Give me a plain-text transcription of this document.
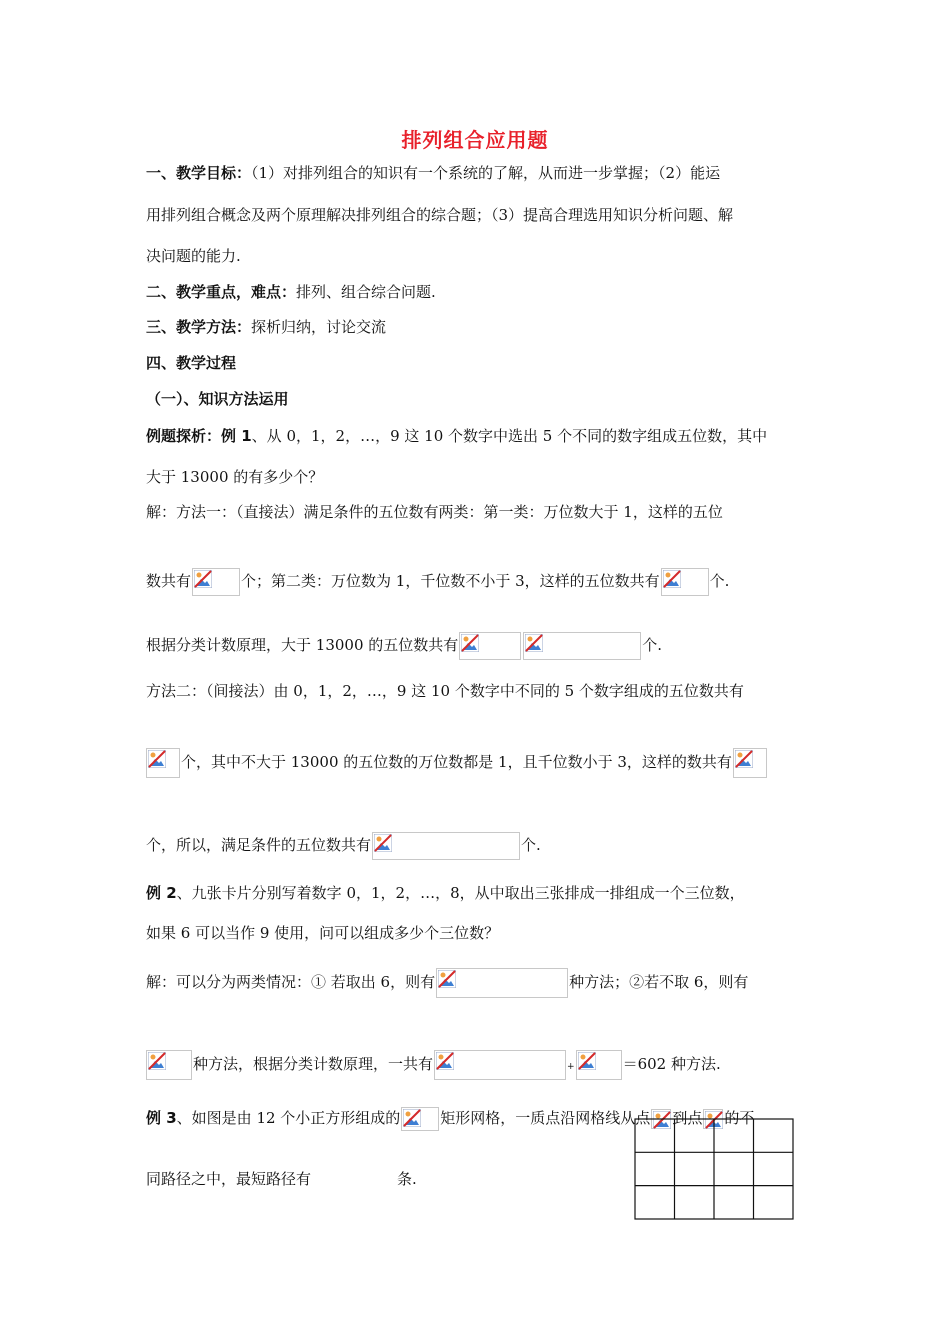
排列组合应用题
一、教学目标：（1）对排列组合的知识有一个系统的了解，从而进一步掌握；（2）能运
用排列组合概念及两个原理解决排列组合的综合题；（3）提高合理选用知识分析问题、解
决问题的能力.
二、教学重点，难点：排列、组合综合问题.
三、教学方法：探析归纳，讨论交流
四、教学过程
（一）、知识方法运用
例题探析：例 1、从 0，1，2，…，9 这 10 个数字中选出 5 个不同的数字组成五位数，其中
大于 13000 的有多少个？
解：方法一：（直接法）满足条件的五位数有两类：第一类：万位数大于 1，这样的五位
数共有	个；第二类：万位数为 1，千位数不小于 3，这样的五位数共有	个.
根据分类计数原理，大于 13000 的五位数共有	个.
方法二：（间接法）由 0，1，2，…，9 这 10 个数字中不同的 5 个数字组成的五位数共有
个，其中不大于 13000 的五位数的万位数都是 1，且千位数小于 3，这样的数共有
个，所以，满足条件的五位数共有	个.
例 2、九张卡片分别写着数字 0，1，2，…，8，从中取出三张排成一排组成一个三位数，
如果 6 可以当作 9 使用，问可以组成多少个三位数？
解：可以分为两类情况：① 若取出 6，则有	种方法；②若不取 6，则有
种方法，根据分类计数原理，一共有	+	＝602 种方法.
例 3、如图是由 12 个小正方形组成的	矩形网格，一质点沿网格线从点 到点 的不
同路径之中，最短路径有	条.
